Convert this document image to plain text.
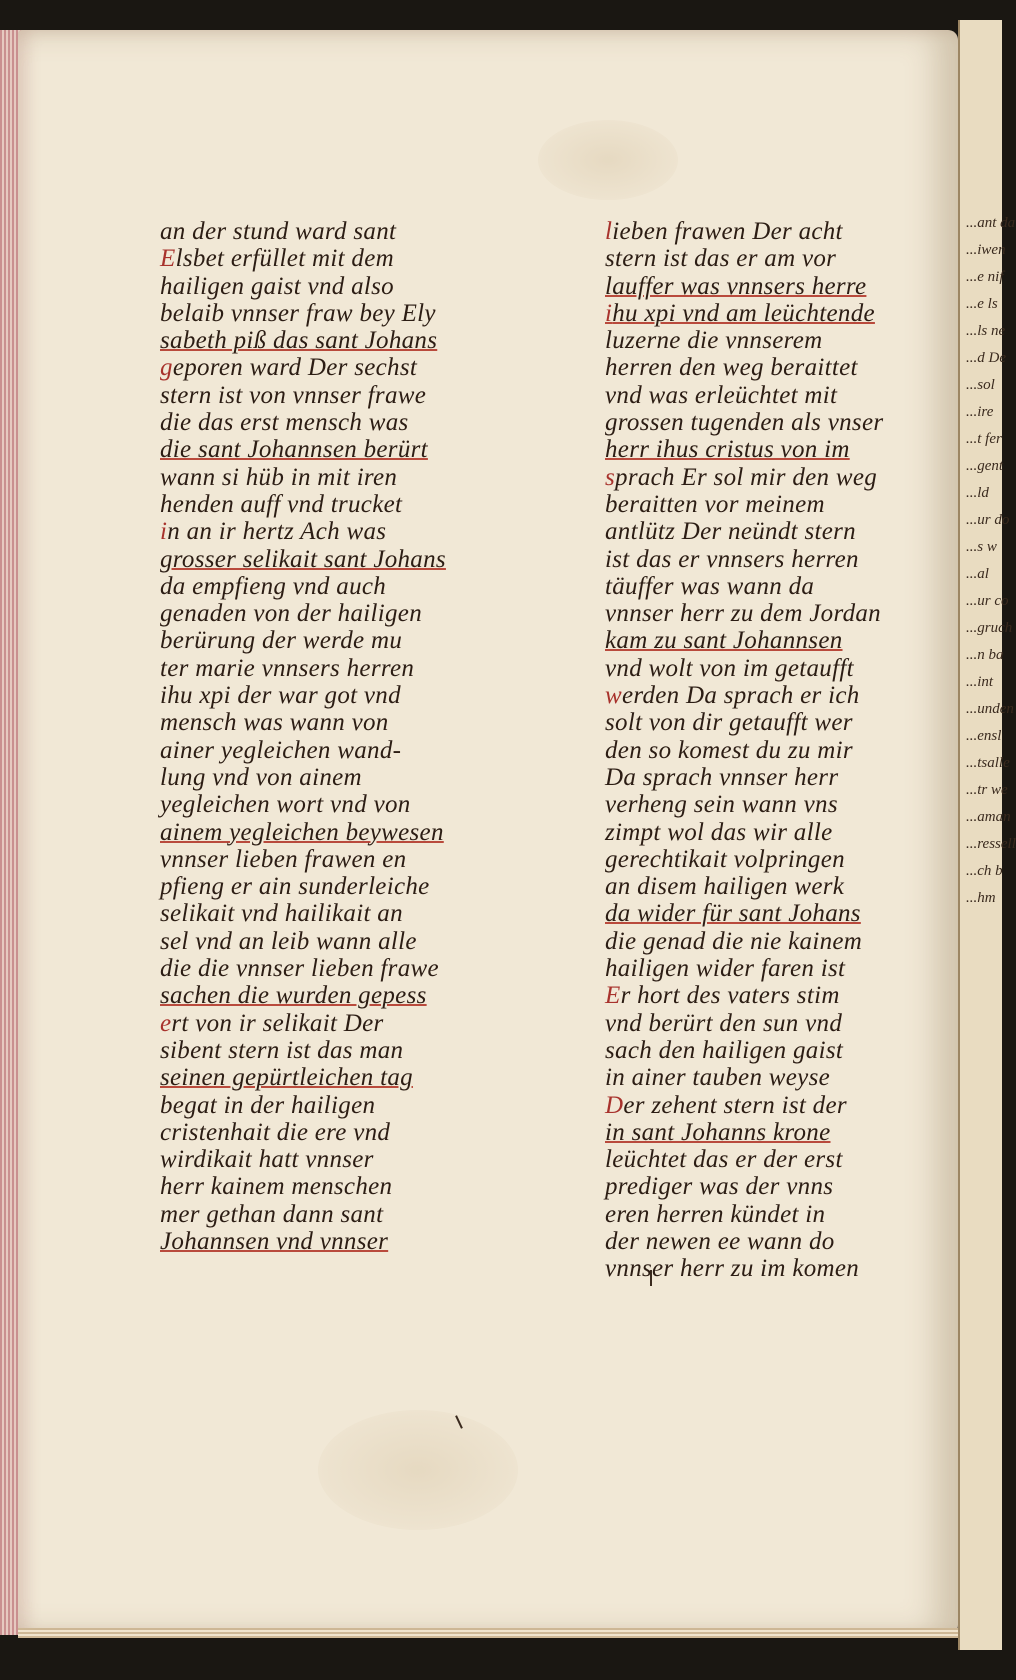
...ant da
...iwen
...e nif
...e ls
...ls ne
...d De
...sol
...ire
...t fer
...gent
...ld
...ur do
...s w
...al
...ur co
...gruch
...n ba
...int
...unden
...ensl
...tsalle
...tr we
...aman
...ressell
...ch b
...hm
an der stund ward sant
Elsbet erfüllet mit dem
hailigen gaist vnd also
belaib vnnser fraw bey Ely
sabeth piß das sant Johans
geporen ward Der sechst
stern ist von vnnser frawe
die das erst mensch was
die sant Johannsen berürt
wann si hüb in mit iren
henden auff vnd trucket
in an ir hertz Ach was
grosser selikait sant Johans
da empfieng vnd auch
genaden von der hailigen
berürung der werde mu
ter marie vnnsers herren
ihu xpi der war got vnd
mensch was wann von
ainer yegleichen wand-
lung vnd von ainem
yegleichen wort vnd von
ainem yegleichen beywesen
vnnser lieben frawen en
pfieng er ain sunderleiche
selikait vnd hailikait an
sel vnd an leib wann alle
die die vnnser lieben frawe
sachen die wurden gepess
ert von ir selikait Der
sibent stern ist das man
seinen gepürtleichen tag
begat in der hailigen
cristenhait die ere vnd
wirdikait hatt vnnser
herr kainem menschen
mer gethan dann sant
Johannsen vnd vnnser
lieben frawen Der acht
stern ist das er am vor
lauffer was vnnsers herre
ihu xpi vnd am leüchtende
luzerne die vnnserem
herren den weg beraittet
vnd was erleüchtet mit
grossen tugenden als vnser
herr ihus cristus von im
sprach Er sol mir den weg
beraitten vor meinem
antlütz Der neündt stern
ist das er vnnsers herren
täuffer was wann da
vnnser herr zu dem Jordan
kam zu sant Johannsen
vnd wolt von im getaufft
werden Da sprach er ich
solt von dir getaufft wer
den so komest du zu mir
Da sprach vnnser herr
verheng sein wann vns
zimpt wol das wir alle
gerechtikait volpringen
an disem hailigen werk
da wider für sant Johans
die genad die nie kainem
hailigen wider faren ist
Er hort des vaters stim
vnd berürt den sun vnd
sach den hailigen gaist
in ainer tauben weyse
Der zehent stern ist der
in sant Johanns krone
leüchtet das er der erst
prediger was der vnns
eren herren kündet in
der newen ee wann do
vnnser herr zu im komen
